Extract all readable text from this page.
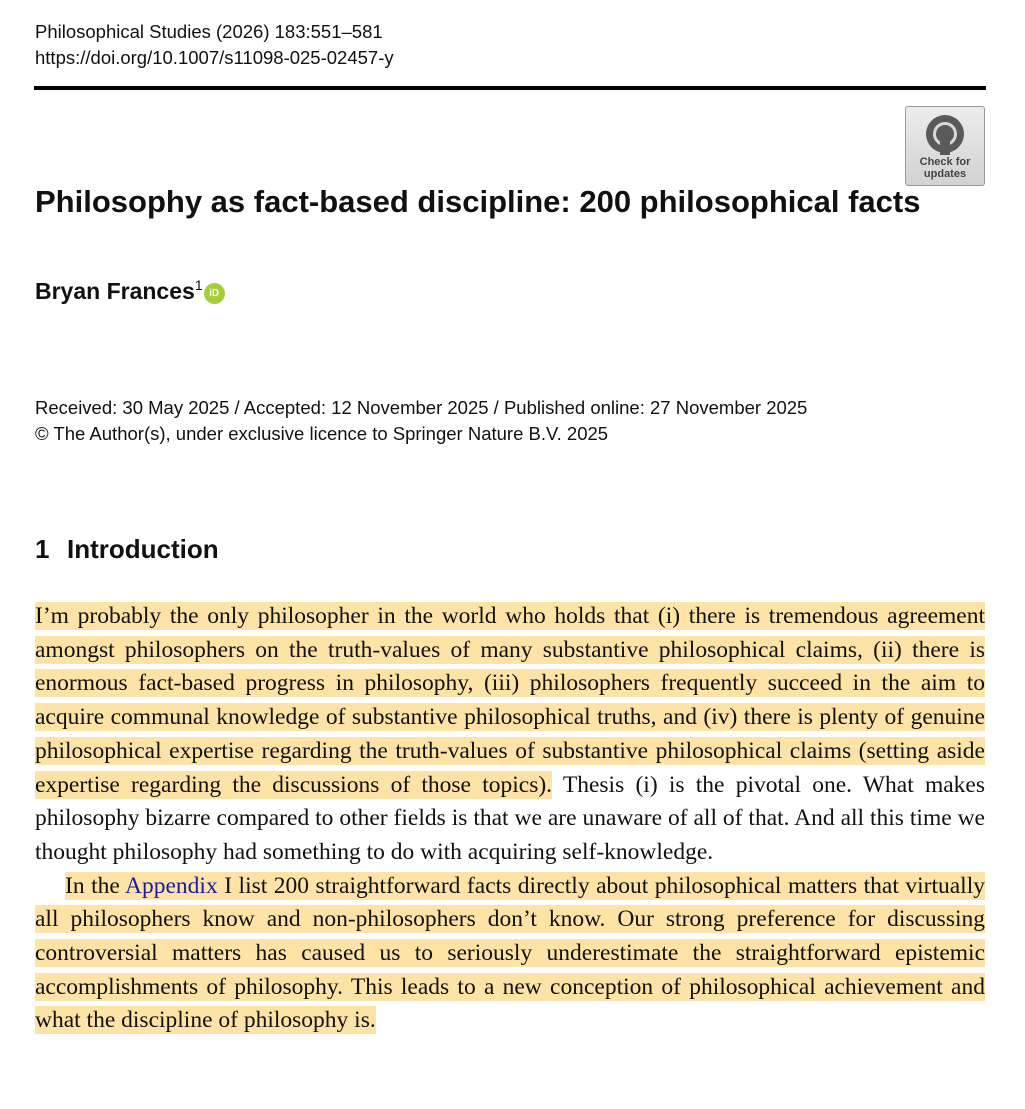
Philosophical Studies (2026) 183:551–581
https://doi.org/10.1007/s11098-025-02457-y
Check for
updates
Philosophy as fact-based discipline: 200 philosophical facts
Bryan Frances$^1$iD
Received: 30 May 2025 / Accepted: 12 November 2025 / Published online: 27 November 2025
© The Author(s), under exclusive licence to Springer Nature B.V. 2025
1 Introduction

I’m probably the only philosopher in the world who holds that (i) there is tremendous agreement amongst philosophers on the truth-values of many substantive philosophical claims, (ii) there is enormous fact-based progress in philosophy, (iii) philosophers frequently succeed in the aim to acquire communal knowledge of substantive philosophical truths, and (iv) there is plenty of genuine philosophical expertise regarding the truth-values of substantive philosophical claims (setting aside expertise regarding the discussions of those topics). Thesis (i) is the pivotal one. What makes philosophy bizarre compared to other fields is that we are unaware of all of that. And all this time we thought philosophy had something to do with acquiring self-knowledge.

In the Appendix I list 200 straightforward facts directly about philosophical matters that virtually all philosophers know and non-philosophers don’t know. Our strong preference for discussing controversial matters has caused us to seriously underestimate the straightforward epistemic accomplishments of philosophy. This leads to a new conception of philosophical achievement and what the discipline of philosophy is.
